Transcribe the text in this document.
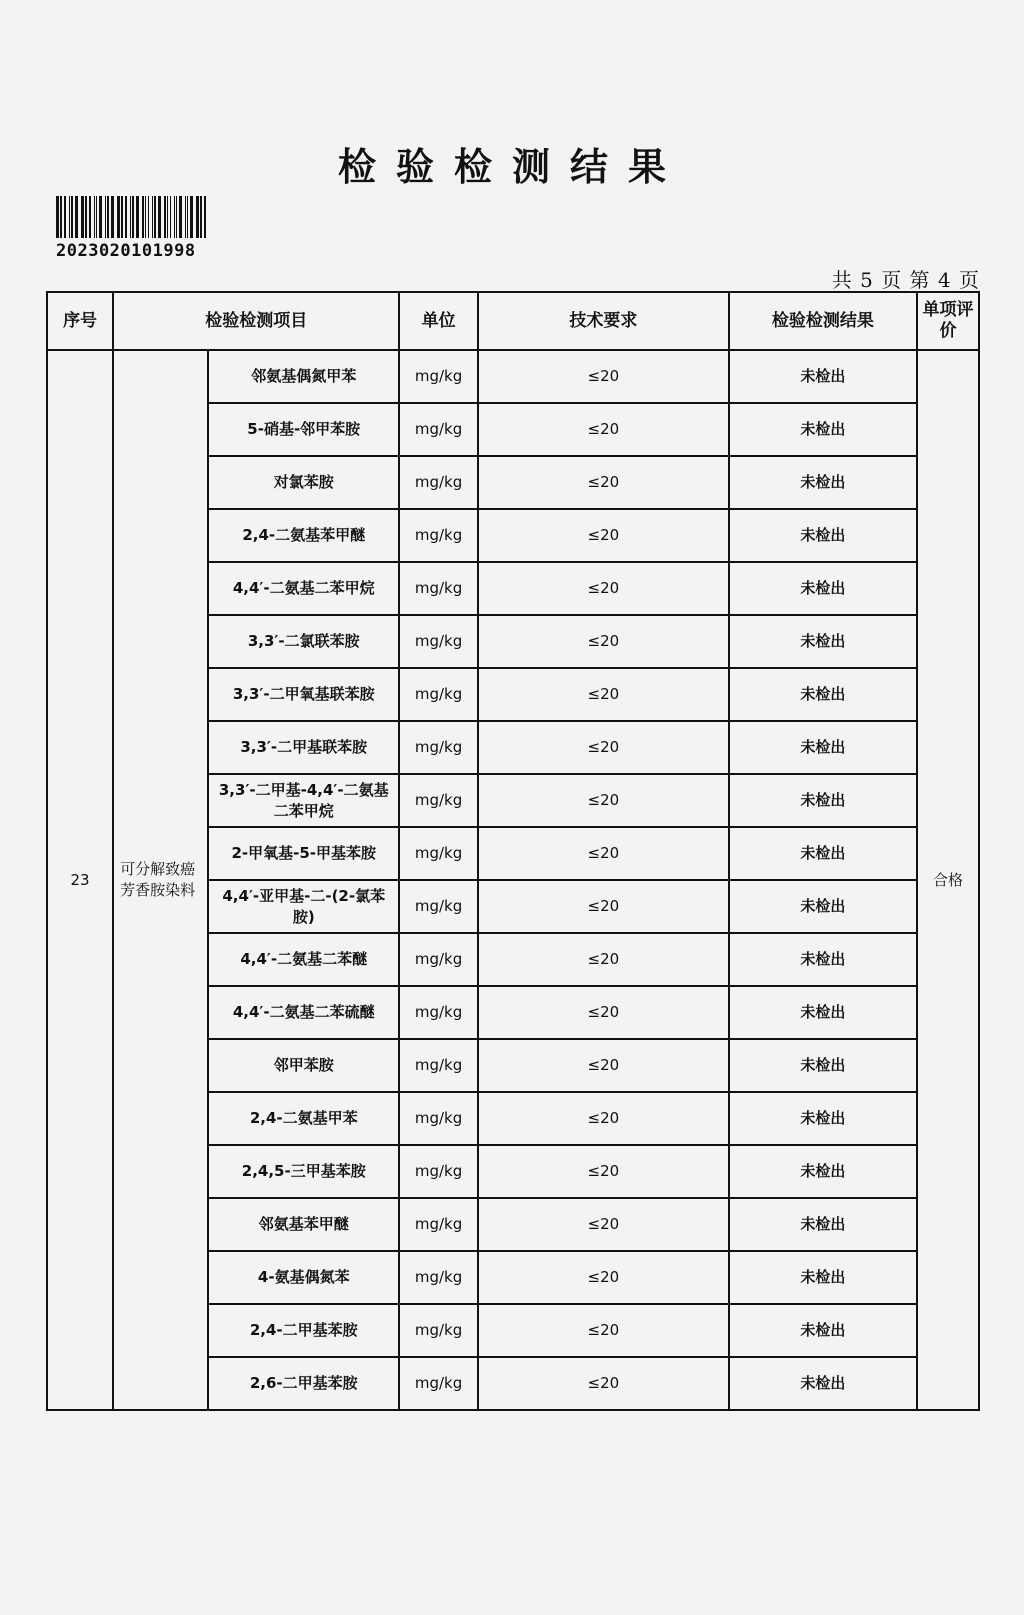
检验检测结果
2023020101998
共 5 页 第 4 页
序号	检验检测项目		单位	技术要求	检验检测结果	单项评价
23	可分解致癌芳香胺染料	邻氨基偶氮甲苯	mg/kg	≤20	未检出	合格
		5-硝基-邻甲苯胺	mg/kg	≤20	未检出	
		对氯苯胺	mg/kg	≤20	未检出	
		2,4-二氨基苯甲醚	mg/kg	≤20	未检出	
		4,4′-二氨基二苯甲烷	mg/kg	≤20	未检出	
		3,3′-二氯联苯胺	mg/kg	≤20	未检出	
		3,3′-二甲氧基联苯胺	mg/kg	≤20	未检出	
		3,3′-二甲基联苯胺	mg/kg	≤20	未检出	
		3,3′-二甲基-4,4′-二氨基二苯甲烷	mg/kg	≤20	未检出	
		2-甲氧基-5-甲基苯胺	mg/kg	≤20	未检出	
		4,4′-亚甲基-二-(2-氯苯胺)	mg/kg	≤20	未检出	
		4,4′-二氨基二苯醚	mg/kg	≤20	未检出	
		4,4′-二氨基二苯硫醚	mg/kg	≤20	未检出	
		邻甲苯胺	mg/kg	≤20	未检出	
		2,4-二氨基甲苯	mg/kg	≤20	未检出	
		2,4,5-三甲基苯胺	mg/kg	≤20	未检出	
		邻氨基苯甲醚	mg/kg	≤20	未检出	
		4-氨基偶氮苯	mg/kg	≤20	未检出	
		2,4-二甲基苯胺	mg/kg	≤20	未检出	
		2,6-二甲基苯胺	mg/kg	≤20	未检出	
